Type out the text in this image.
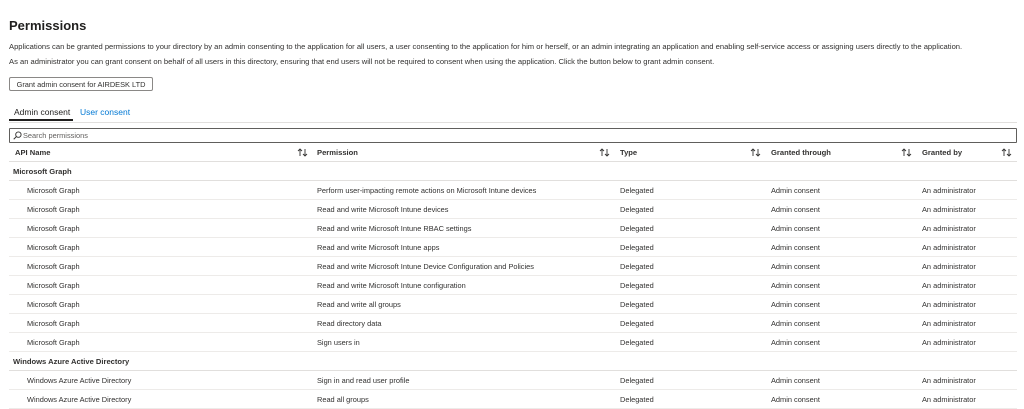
Permissions
Applications can be granted permissions to your directory by an admin consenting to the application for all users, a user consenting to the application for him or herself, or an admin integrating an application and enabling self-service access or assigning users directly to the application.
As an administrator you can grant consent on behalf of all users in this directory, ensuring that end users will not be required to consent when using the application. Click the button below to grant admin consent.
Grant admin consent for AIRDESK LTD
Admin consent User consent
Search permissions
API Name	Permission	Type	Granted through	Granted by
Microsoft Graph
Microsoft Graph	Perform user-impacting remote actions on Microsoft Intune devices	Delegated	Admin consent	An administrator
Microsoft Graph	Read and write Microsoft Intune devices	Delegated	Admin consent	An administrator
Microsoft Graph	Read and write Microsoft Intune RBAC settings	Delegated	Admin consent	An administrator
Microsoft Graph	Read and write Microsoft Intune apps	Delegated	Admin consent	An administrator
Microsoft Graph	Read and write Microsoft Intune Device Configuration and Policies	Delegated	Admin consent	An administrator
Microsoft Graph	Read and write Microsoft Intune configuration	Delegated	Admin consent	An administrator
Microsoft Graph	Read and write all groups	Delegated	Admin consent	An administrator
Microsoft Graph	Read directory data	Delegated	Admin consent	An administrator
Microsoft Graph	Sign users in	Delegated	Admin consent	An administrator
Windows Azure Active Directory
Windows Azure Active Directory	Sign in and read user profile	Delegated	Admin consent	An administrator
Windows Azure Active Directory	Read all groups	Delegated	Admin consent	An administrator
